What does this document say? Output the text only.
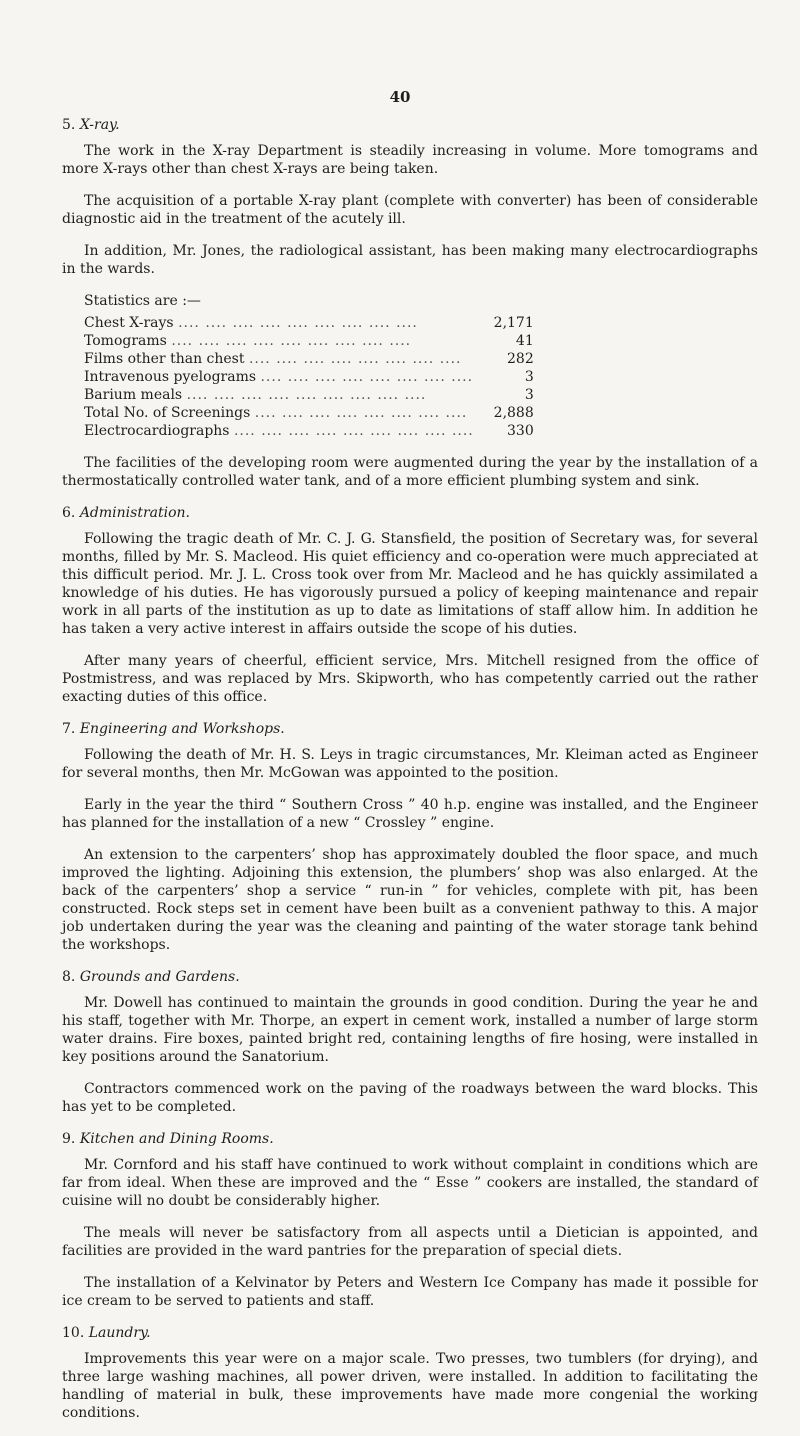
40
5. X-ray.

The work in the X-ray Department is steadily increasing in volume. More tomograms and more X-rays other than chest X-rays are being taken.

The acquisition of a portable X-ray plant (complete with converter) has been of considerable diagnostic aid in the treatment of the acutely ill.

In addition, Mr. Jones, the radiological assistant, has been making many electrocardiographs in the wards.

Statistics are :—
Chest X-rays .... .... .... .... .... .... .... .... ....	2,171
Tomograms .... .... .... .... .... .... .... .... ....	41
Films other than chest .... .... .... .... .... .... .... ....	282
Intravenous pyelograms .... .... .... .... .... .... .... ....	3
Barium meals .... .... .... .... .... .... .... .... ....	3
Total No. of Screenings .... .... .... .... .... .... .... ....	2,888
Electrocardiographs .... .... .... .... .... .... .... .... ....	330

The facilities of the developing room were augmented during the year by the installation of a thermostatically controlled water tank, and of a more efficient plumbing system and sink.

6. Administration.

Following the tragic death of Mr. C. J. G. Stansfield, the position of Secretary was, for several months, filled by Mr. S. Macleod. His quiet efficiency and co-operation were much appreciated at this difficult period. Mr. J. L. Cross took over from Mr. Macleod and he has quickly assimilated a knowledge of his duties. He has vigorously pursued a policy of keeping maintenance and repair work in all parts of the institution as up to date as limitations of staff allow him. In addition he has taken a very active interest in affairs outside the scope of his duties.

After many years of cheerful, efficient service, Mrs. Mitchell resigned from the office of Postmistress, and was replaced by Mrs. Skipworth, who has competently carried out the rather exacting duties of this office.

7. Engineering and Workshops.

Following the death of Mr. H. S. Leys in tragic circumstances, Mr. Kleiman acted as Engineer for several months, then Mr. McGowan was appointed to the position.

Early in the year the third “ Southern Cross ” 40 h.p. engine was installed, and the Engineer has planned for the installation of a new “ Crossley ” engine.

An extension to the carpenters’ shop has approximately doubled the floor space, and much improved the lighting. Adjoining this extension, the plumbers’ shop was also enlarged. At the back of the carpenters’ shop a service “ run-in ” for vehicles, complete with pit, has been constructed. Rock steps set in cement have been built as a convenient pathway to this. A major job undertaken during the year was the cleaning and painting of the water storage tank behind the workshops.

8. Grounds and Gardens.

Mr. Dowell has continued to maintain the grounds in good condition. During the year he and his staff, together with Mr. Thorpe, an expert in cement work, installed a number of large storm water drains. Fire boxes, painted bright red, containing lengths of fire hosing, were installed in key positions around the Sanatorium.

Contractors commenced work on the paving of the roadways between the ward blocks. This has yet to be completed.

9. Kitchen and Dining Rooms.

Mr. Cornford and his staff have continued to work without complaint in conditions which are far from ideal. When these are improved and the “ Esse ” cookers are installed, the standard of cuisine will no doubt be considerably higher.

The meals will never be satisfactory from all aspects until a Dietician is appointed, and facilities are provided in the ward pantries for the preparation of special diets.

The installation of a Kelvinator by Peters and Western Ice Company has made it possible for ice cream to be served to patients and staff.

10. Laundry.

Improvements this year were on a major scale. Two presses, two tumblers (for drying), and three large washing machines, all power driven, were installed. In addition to facilitating the handling of material in bulk, these improvements have made more congenial the working conditions.
